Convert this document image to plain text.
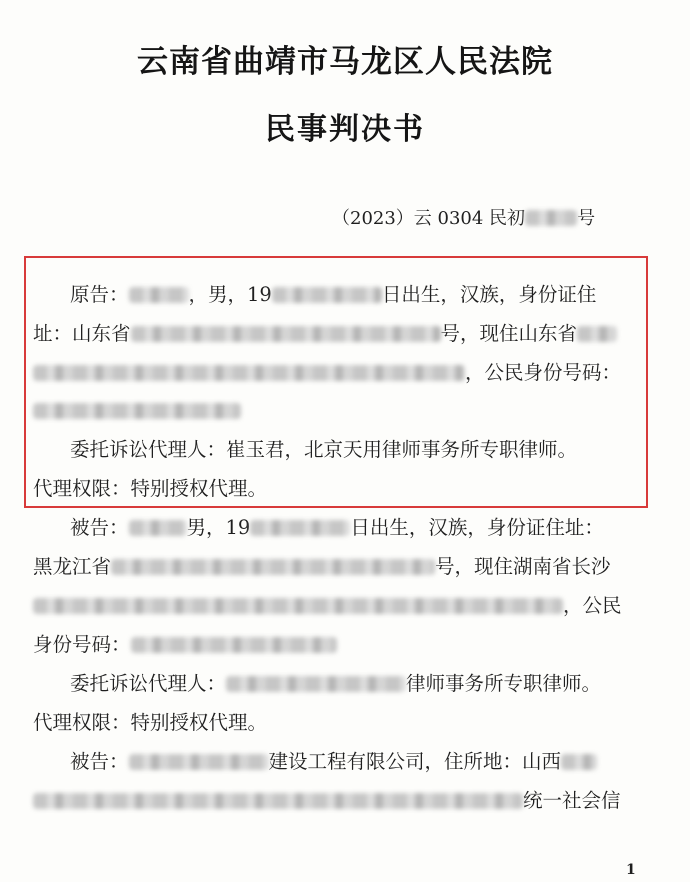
云南省曲靖市马龙区人民法院
民事判决书
（2023）云 0304 民初	号
原告：	，男，19	日出生，汉族，身份证住
址：山东省	号，现住山东省
，公民身份号码：
委托诉讼代理人：崔玉君，北京天用律师事务所专职律师。
代理权限：特别授权代理。
被告：	男，19	日出生，汉族，身份证住址：
黑龙江省	号，现住湖南省长沙
，公民
身份号码：
委托诉讼代理人：	律师事务所专职律师。
代理权限：特别授权代理。
被告：	建设工程有限公司，住所地：山西
统一社会信
1
